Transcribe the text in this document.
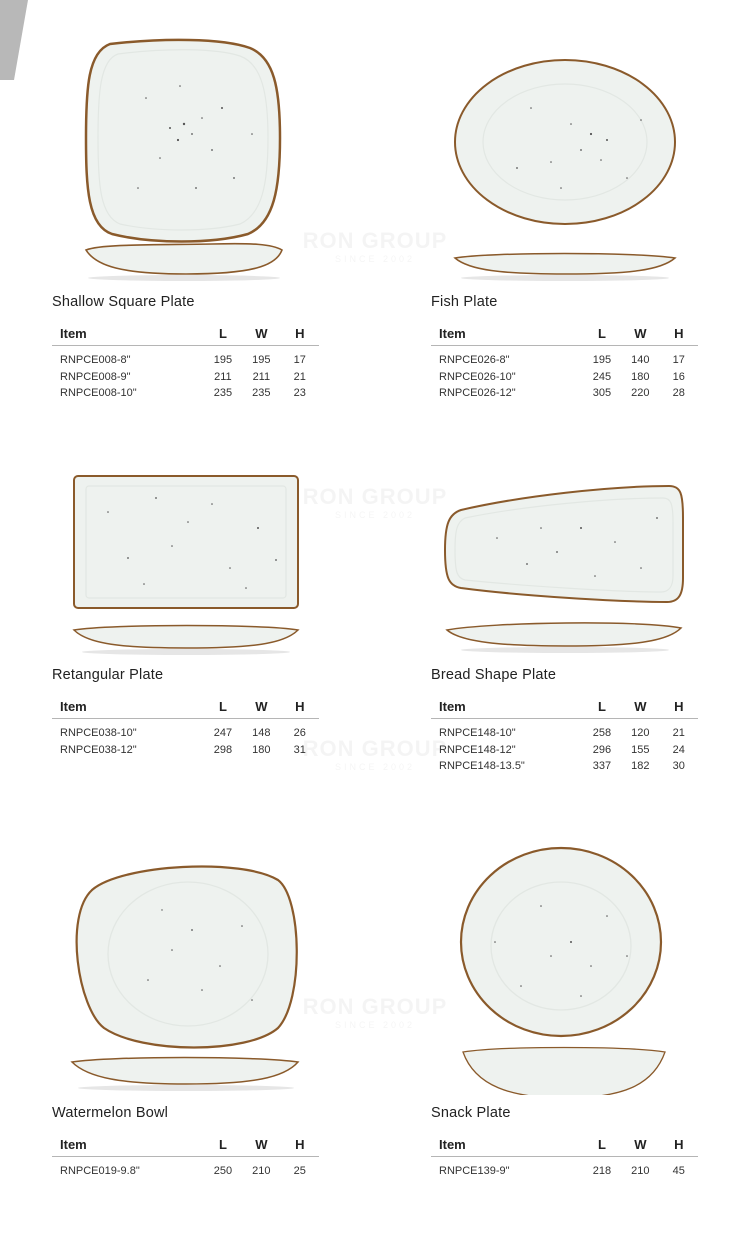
Shallow Square Plate
Item	L	W	H
RNPCE008-8"	195	195	17
RNPCE008-9"	211	211	21
RNPCE008-10"	235	235	23
Fish Plate
Item	L	W	H
RNPCE026-8"	195	140	17
RNPCE026-10"	245	180	16
RNPCE026-12"	305	220	28
Retangular Plate
Item	L	W	H
RNPCE038-10"	247	148	26
RNPCE038-12"	298	180	31
Bread Shape Plate
Item	L	W	H
RNPCE148-10"	258	120	21
RNPCE148-12"	296	155	24
RNPCE148-13.5"	337	182	30
Watermelon Bowl
Item	L	W	H
RNPCE019-9.8"	250	210	25
Snack Plate
Item	L	W	H
RNPCE139-9"	218	210	45
